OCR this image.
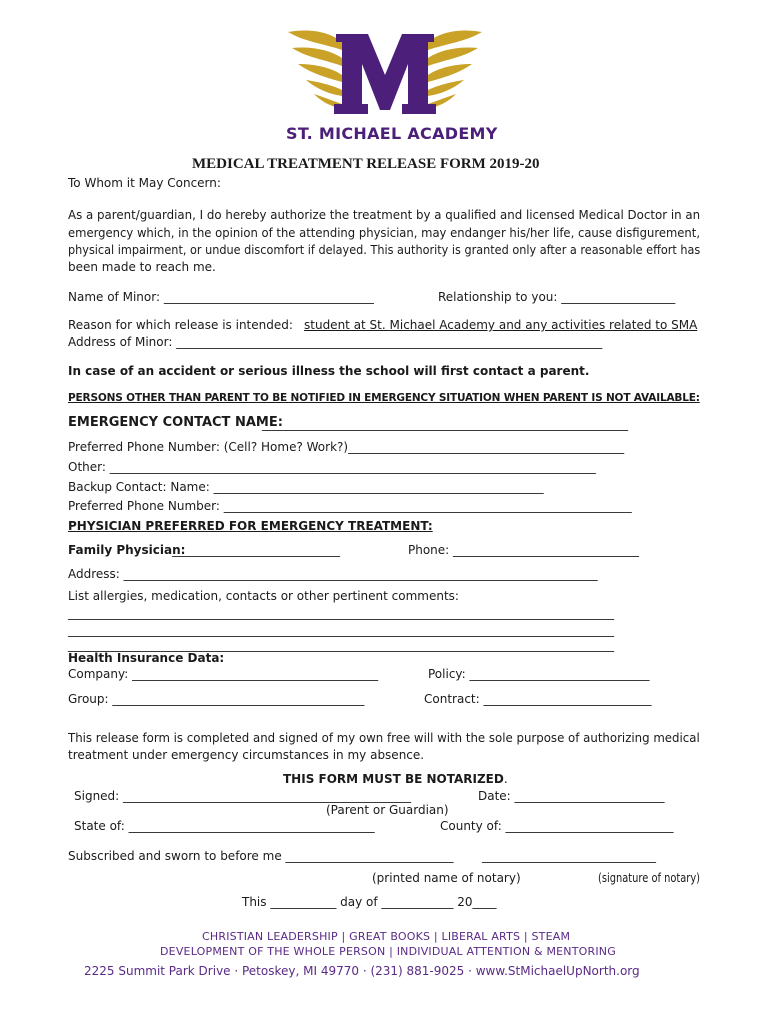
ST. MICHAEL ACADEMY
MEDICAL TREATMENT RELEASE FORM 2019-20
To Whom it May Concern:
As a parent/guardian, I do hereby authorize the treatment by a qualified and licensed Medical Doctor in an
emergency which, in the opinion of the attending physician, may endanger his/her life, cause disfigurement,
physical impairment, or undue discomfort if delayed. This authority is granted only after a reasonable effort has
been made to reach me.
Name of Minor: ___________________________________	Relationship to you: ___________________
Reason for which release is intended: student at St. Michael Academy and any activities related to SMA
Address of Minor: _______________________________________________________________________
In case of an accident or serious illness the school will first contact a parent.
PERSONS OTHER THAN PARENT TO BE NOTIFIED IN EMERGENCY SITUATION WHEN PARENT IS NOT AVAILABLE:
EMERGENCY CONTACT NAME:
_____________________________________________________________
Preferred Phone Number: (Cell? Home? Work?)______________________________________________
Other: _________________________________________________________________________________
Backup Contact: Name: _______________________________________________________
Preferred Phone Number: ____________________________________________________________________
PHYSICIAN PREFERRED FOR EMERGENCY TREATMENT:
Family Physician:
____________________________	Phone: _______________________________
Address: _______________________________________________________________________________
List allergies, medication, contacts or other pertinent comments:
___________________________________________________________________________________________
___________________________________________________________________________________________
___________________________________________________________________________________________
Health Insurance Data:
Company: _________________________________________	Policy: ______________________________
Group: __________________________________________	Contract: ____________________________
This release form is completed and signed of my own free will with the sole purpose of authorizing medical
treatment under emergency circumstances in my absence.
THIS FORM MUST BE NOTARIZED.
Signed: ________________________________________________	Date: _________________________
(Parent or Guardian)
State of: _________________________________________	County of: ____________________________
Subscribed and sworn to before me ____________________________ _____________________________
(printed name of notary)	(signature of notary)
This ___________ day of ____________ 20____
CHRISTIAN LEADERSHIP | GREAT BOOKS | LIBERAL ARTS | STEAM
DEVELOPMENT OF THE WHOLE PERSON | INDIVIDUAL ATTENTION & MENTORING
2225 Summit Park Drive · Petoskey, MI 49770 · (231) 881-9025 · www.StMichaelUpNorth.org
